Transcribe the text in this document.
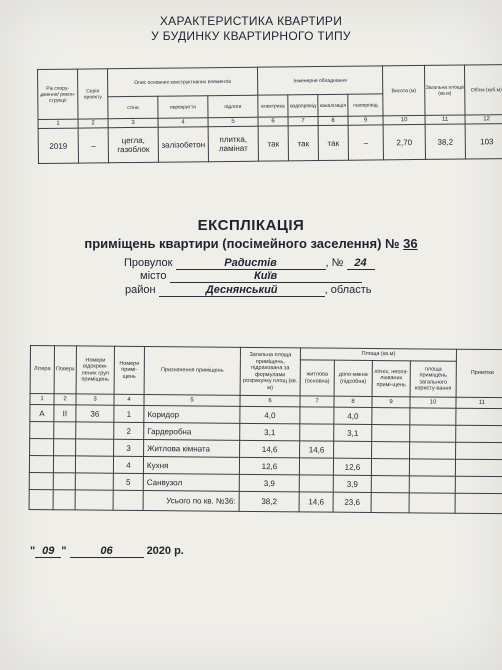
ХАРАКТЕРИСТИКА КВАРТИРИ
У БУДИНКУ КВАРТИРНОГО ТИПУ
Рік спору-дження/ рекон-струкції	Серія проекту	Опис основних конструктивних елементів			Інженерне обладнання				Висота (м)	Загальна площа (кв.м)	Об'єм (куб.м)
		стіни	перекриття	підлоги	електрика	водопровід	каналізація	газопровід			
1	2	3	4	5	6	7	8	9	10	11	12
2019	–	цегла, газоблок	залізобетон	плитка, ламінат	так	так	так	–	2,70	38,2	103
ЕКСПЛІКАЦІЯ
приміщень квартири (посімейного заселення) № 36
Провулок	Радистів	, № 24
місто	Київ
район	Деснянський	, область
Літера	Поверх	Номери відокрем-лених груп приміщень	Номери примі-щень	Призначення приміщень	Загальна площа приміщень, підрахована за формулами розрахунку площ (кв. м)	Площа (кв.м)				Примітки
						житлова (основна)	допо-міжна (підсобна)	літніх, неопа-люваних примі-щень	площа приміщень загального користу-вання	
1	2	3	4	5	6	7	8	9	10	11
А	II	36	1	Коридор	4,0		4,0			
			2	Гардеробна	3,1		3,1			
			3	Житлова кімната	14,6	14,6				
			4	Кухня	12,6		12,6			
			5	Санвузол	3,9		3,9			
				Усього по кв. №36:	38,2	14,6	23,6			
" 09 "	06	2020 р.
